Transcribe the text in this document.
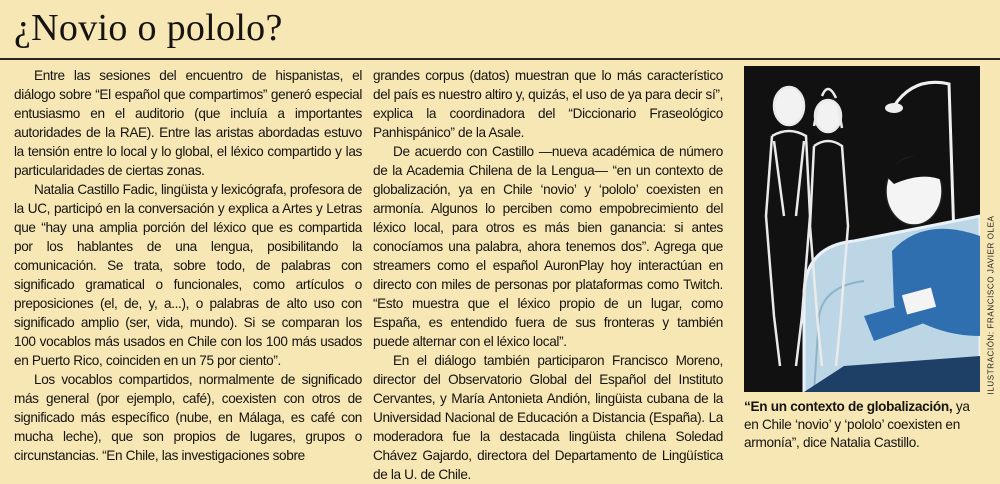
¿Novio o pololo?

Entre las sesiones del encuentro de hispanistas, el diálogo sobre “El español que compartimos” generó especial entusiasmo en el auditorio (que incluía a importantes autoridades de la RAE). Entre las aristas abordadas estuvo la tensión entre lo local y lo global, el léxico compartido y las particularidades de ciertas zonas.

Natalia Castillo Fadic, lingüista y lexicógrafa, profesora de la UC, participó en la conversación y explica a Artes y Letras que “hay una amplia porción del léxico que es compartida por los hablantes de una lengua, posibilitando la comunicación. Se trata, sobre todo, de palabras con significado gramatical o funcionales, como artículos o preposiciones (el, de, y, a...), o palabras de alto uso con significado amplio (ser, vida, mundo). Si se comparan los 100 vocablos más usados en Chile con los 100 más usados en Puerto Rico, coinciden en un 75 por ciento”.

Los vocablos compartidos, normalmente de significado más general (por ejemplo, café), coexisten con otros de significado más específico (nube, en Málaga, es café con mucha leche), que son propios de lugares, grupos o circunstancias. “En Chile, las investigaciones sobre

grandes corpus (datos) muestran que lo más característico del país es nuestro altiro y, quizás, el uso de ya para decir sí”, explica la coordinadora del “Diccionario Fraseológico Panhispánico” de la Asale.

De acuerdo con Castillo —nueva académica de número de la Academia Chilena de la Lengua— “en un contexto de globalización, ya en Chile ‘novio’ y ‘pololo’ coexisten en armonía. Algunos lo perciben como empobrecimiento del léxico local, para otros es más bien ganancia: si antes conocíamos una palabra, ahora tenemos dos”. Agrega que streamers como el español AuronPlay hoy interactúan en directo con miles de personas por plataformas como Twitch. “Esto muestra que el léxico propio de un lugar, como España, es entendido fuera de sus fronteras y también puede alternar con el léxico local”.

En el diálogo también participaron Francisco Moreno, director del Observatorio Global del Español del Instituto Cervantes, y María Antonieta Andión, lingüista cubana de la Universidad Nacional de Educación a Distancia (España). La moderadora fue la destacada lingüista chilena Soledad Chávez Gajardo, directora del Departamento de Lingüística de la U. de Chile.

ILUSTRACIÓN: FRANCISCO JAVIER OLEA
“En un contexto de globalización, ya en Chile ‘novio’ y ‘pololo’ coexisten en armonía”, dice Natalia Castillo.
